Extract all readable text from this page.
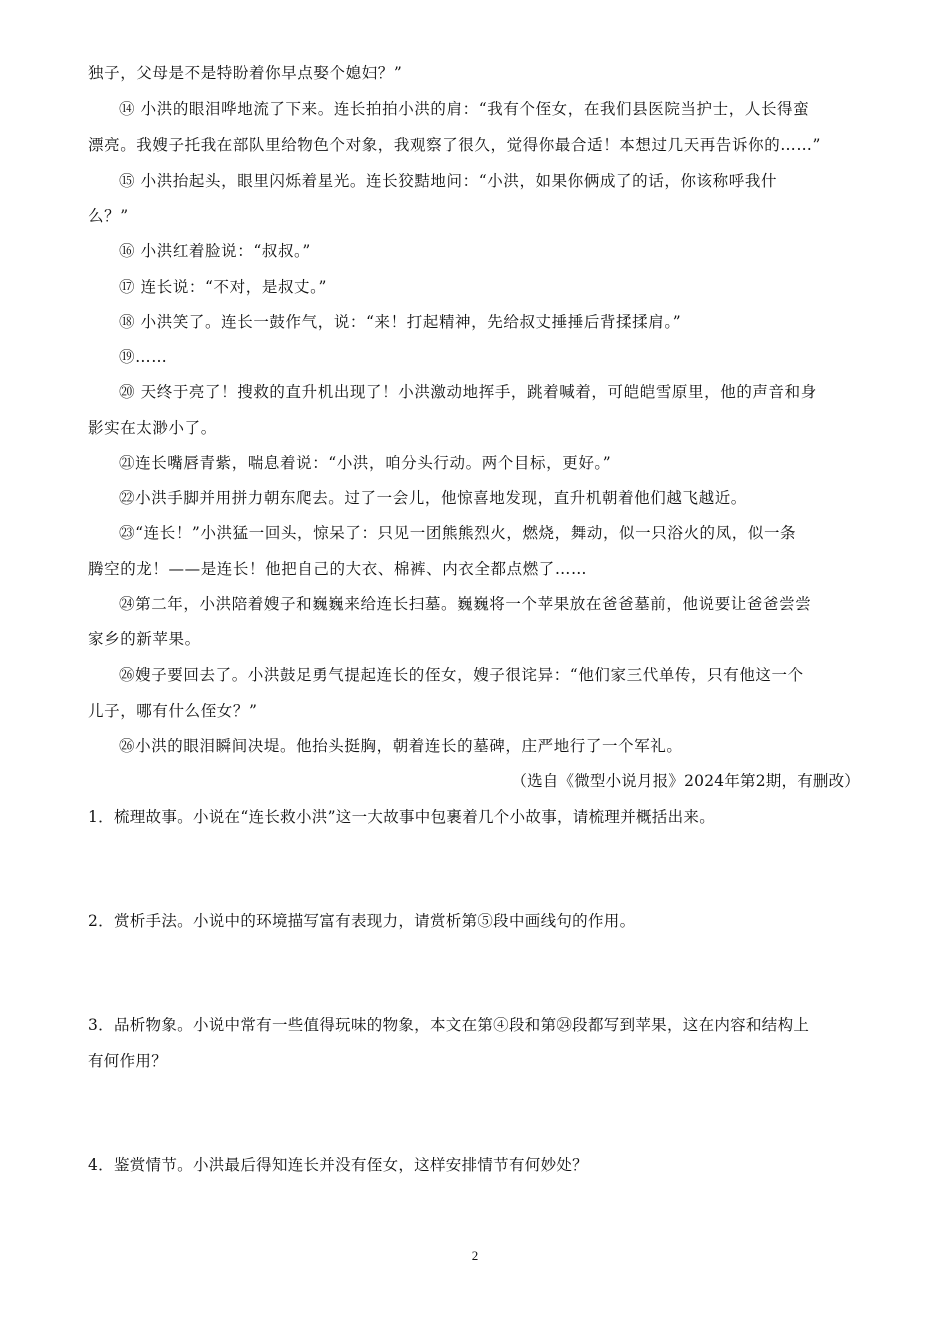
独子，父母是不是特盼着你早点娶个媳妇？”
⑭ 小洪的眼泪哗地流了下来。连长拍拍小洪的肩：“我有个侄女，在我们县医院当护士，人长得蛮
漂亮。我嫂子托我在部队里给物色个对象，我观察了很久，觉得你最合适！本想过几天再告诉你的……”
⑮ 小洪抬起头，眼里闪烁着星光。连长狡黠地问：“小洪，如果你俩成了的话，你该称呼我什
么？”
⑯ 小洪红着脸说：“叔叔。”
⑰ 连长说：“不对，是叔丈。”
⑱ 小洪笑了。连长一鼓作气，说：“来！打起精神，先给叔丈捶捶后背揉揉肩。”
⑲……
⑳ 天终于亮了！搜救的直升机出现了！小洪激动地挥手，跳着喊着，可皑皑雪原里，他的声音和身
影实在太渺小了。
㉑连长嘴唇青紫，喘息着说：“小洪，咱分头行动。两个目标，更好。”
㉒小洪手脚并用拼力朝东爬去。过了一会儿，他惊喜地发现，直升机朝着他们越飞越近。
㉓“连长！”小洪猛一回头，惊呆了：只见一团熊熊烈火，燃烧，舞动，似一只浴火的凤，似一条
腾空的龙！——是连长！他把自己的大衣、棉裤、内衣全都点燃了……
㉔第二年，小洪陪着嫂子和巍巍来给连长扫墓。巍巍将一个苹果放在爸爸墓前，他说要让爸爸尝尝
家乡的新苹果。
㉖嫂子要回去了。小洪鼓足勇气提起连长的侄女，嫂子很诧异：“他们家三代单传，只有他这一个
儿子，哪有什么侄女？”
㉖小洪的眼泪瞬间决堤。他抬头挺胸，朝着连长的墓碑，庄严地行了一个军礼。
（选自《微型小说月报》2024年第2期，有删改）
1．梳理故事。小说在“连长救小洪”这一大故事中包裹着几个小故事，请梳理并概括出来。
2．赏析手法。小说中的环境描写富有表现力，请赏析第⑤段中画线句的作用。
3．品析物象。小说中常有一些值得玩味的物象，本文在第④段和第㉔段都写到苹果，这在内容和结构上
有何作用？
4．鉴赏情节。小洪最后得知连长并没有侄女，这样安排情节有何妙处？
2
